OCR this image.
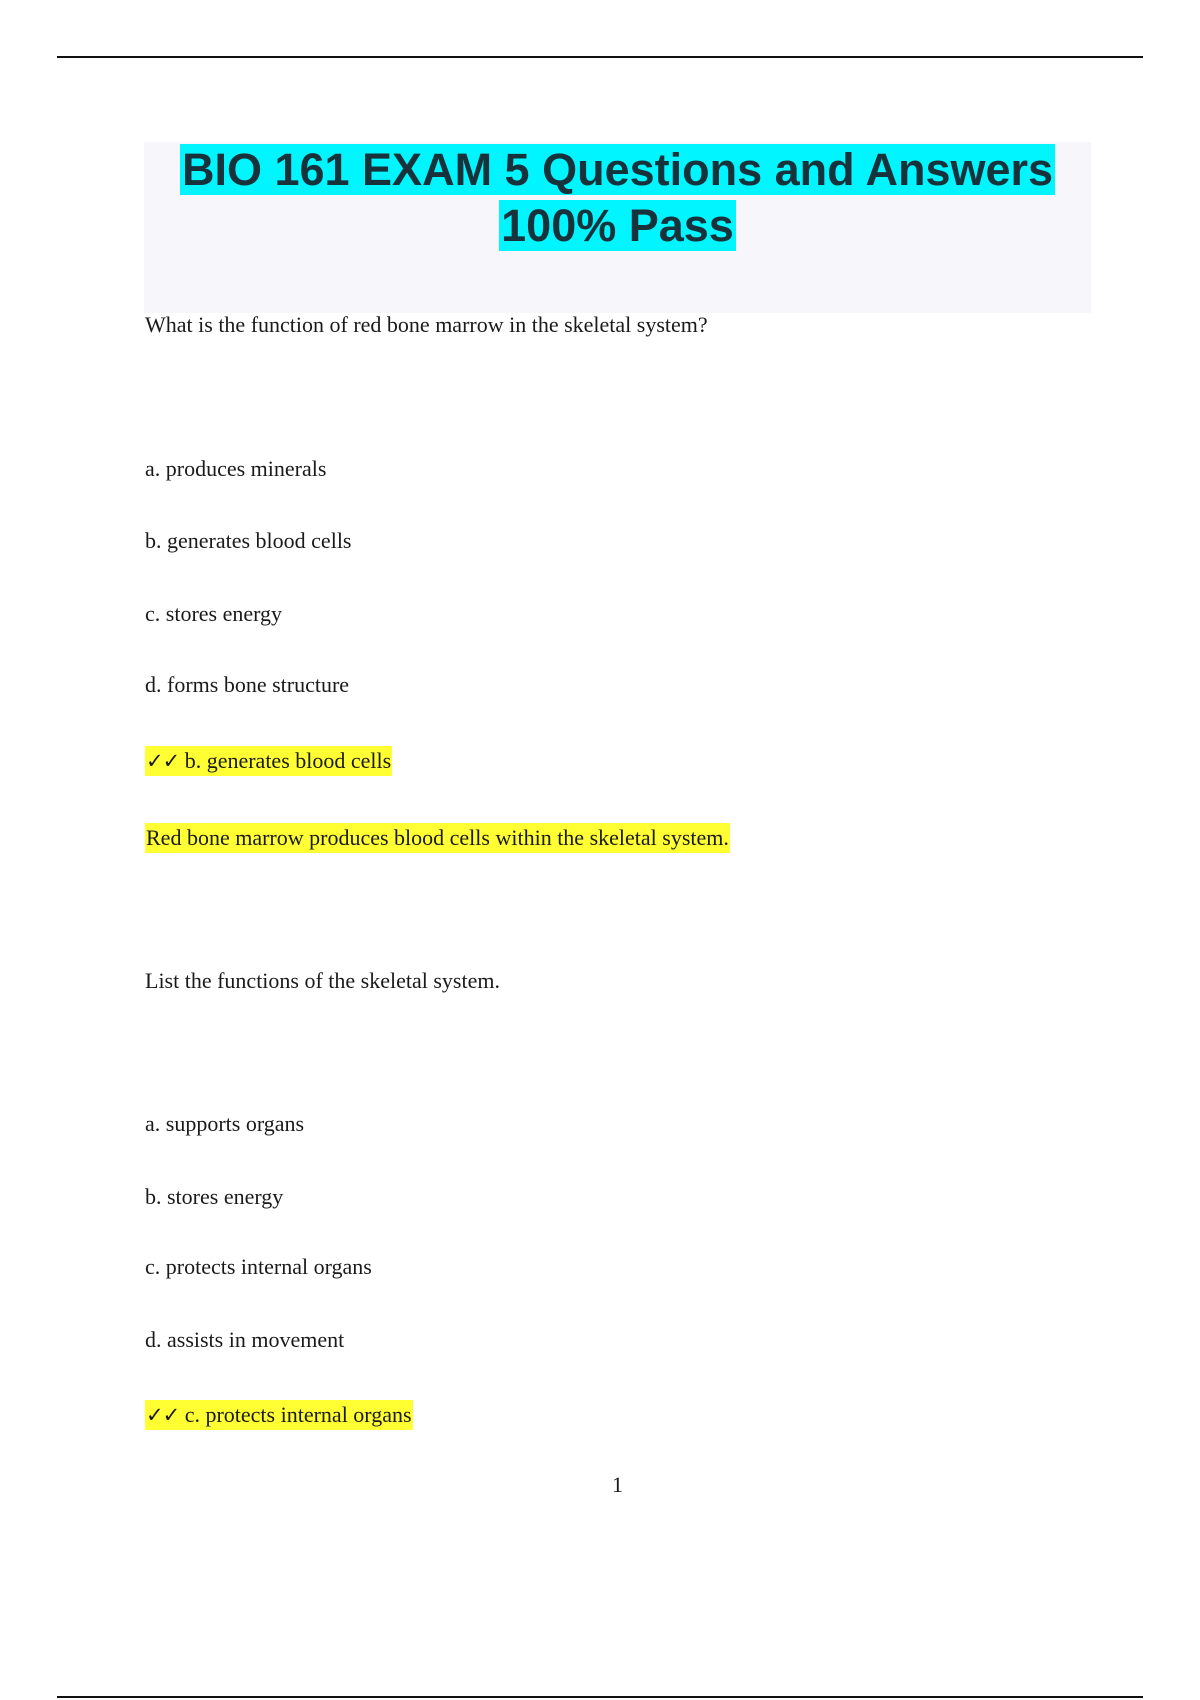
BIO 161 EXAM 5 Questions and Answers
100% Pass

What is the function of red bone marrow in the skeletal system?

a. produces minerals

b. generates blood cells

c. stores energy

d. forms bone structure

✓✓ b. generates blood cells

Red bone marrow produces blood cells within the skeletal system.

List the functions of the skeletal system.

a. supports organs

b. stores energy

c. protects internal organs

d. assists in movement

✓✓ c. protects internal organs

1
